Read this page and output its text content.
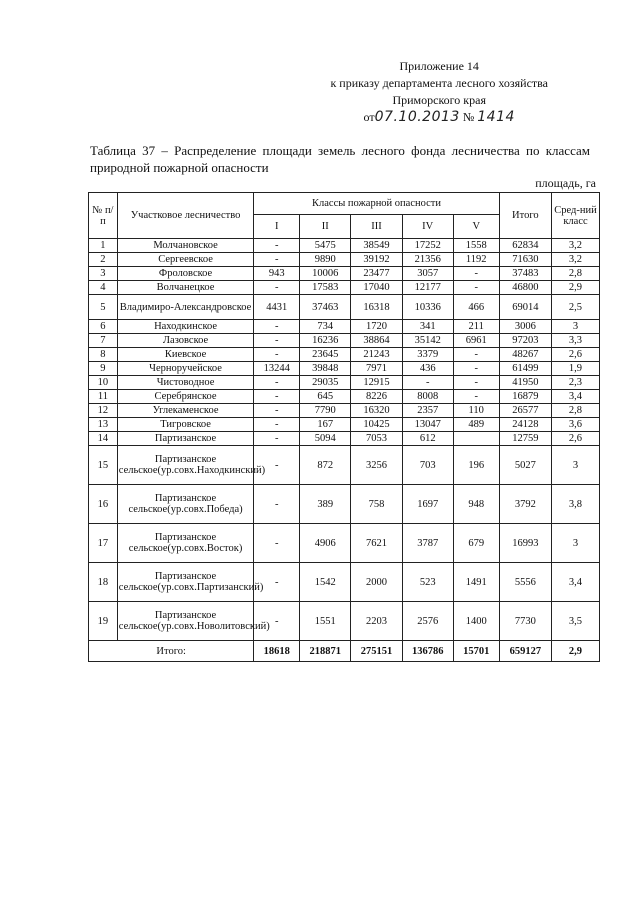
Приложение 14
к приказу департамента лесного хозяйства
Приморского края
от07.10.2013 № 1414
Таблица 37 – Распределение площади земель лесного фонда лесничества по классам природной пожарной опасности
площадь, га
№ п/п	Участковое лесничество	Классы пожарной опасности					Итого	Сред-ний класс
		I	II	III	IV	V		
1	Молчановское	-	5475	38549	17252	1558	62834	3,2
2	Сергеевское	-	9890	39192	21356	1192	71630	3,2
3	Фроловское	943	10006	23477	3057	-	37483	2,8
4	Волчанецкое	-	17583	17040	12177	-	46800	2,9
5	Владимиро-Александровское	4431	37463	16318	10336	466	69014	2,5
6	Находкинское	-	734	1720	341	211	3006	3
7	Лазовское	-	16236	38864	35142	6961	97203	3,3
8	Киевское	-	23645	21243	3379	-	48267	2,6
9	Черноручейское	13244	39848	7971	436	-	61499	1,9
10	Чистоводное	-	29035	12915	-	-	41950	2,3
11	Серебрянское	-	645	8226	8008	-	16879	3,4
12	Углекаменское	-	7790	16320	2357	110	26577	2,8
13	Тигровское	-	167	10425	13047	489	24128	3,6
14	Партизанское	-	5094	7053	612		12759	2,6
15	Партизанское сельское(ур.совх.Находкинский)	-	872	3256	703	196	5027	3
16	Партизанское сельское(ур.совх.Победа)	-	389	758	1697	948	3792	3,8
17	Партизанское сельское(ур.совх.Восток)	-	4906	7621	3787	679	16993	3
18	Партизанское сельское(ур.совх.Партизанский)	-	1542	2000	523	1491	5556	3,4
19	Партизанское сельское(ур.совх.Новолитовский)	-	1551	2203	2576	1400	7730	3,5
Итого:		18618	218871	275151	136786	15701	659127	2,9
